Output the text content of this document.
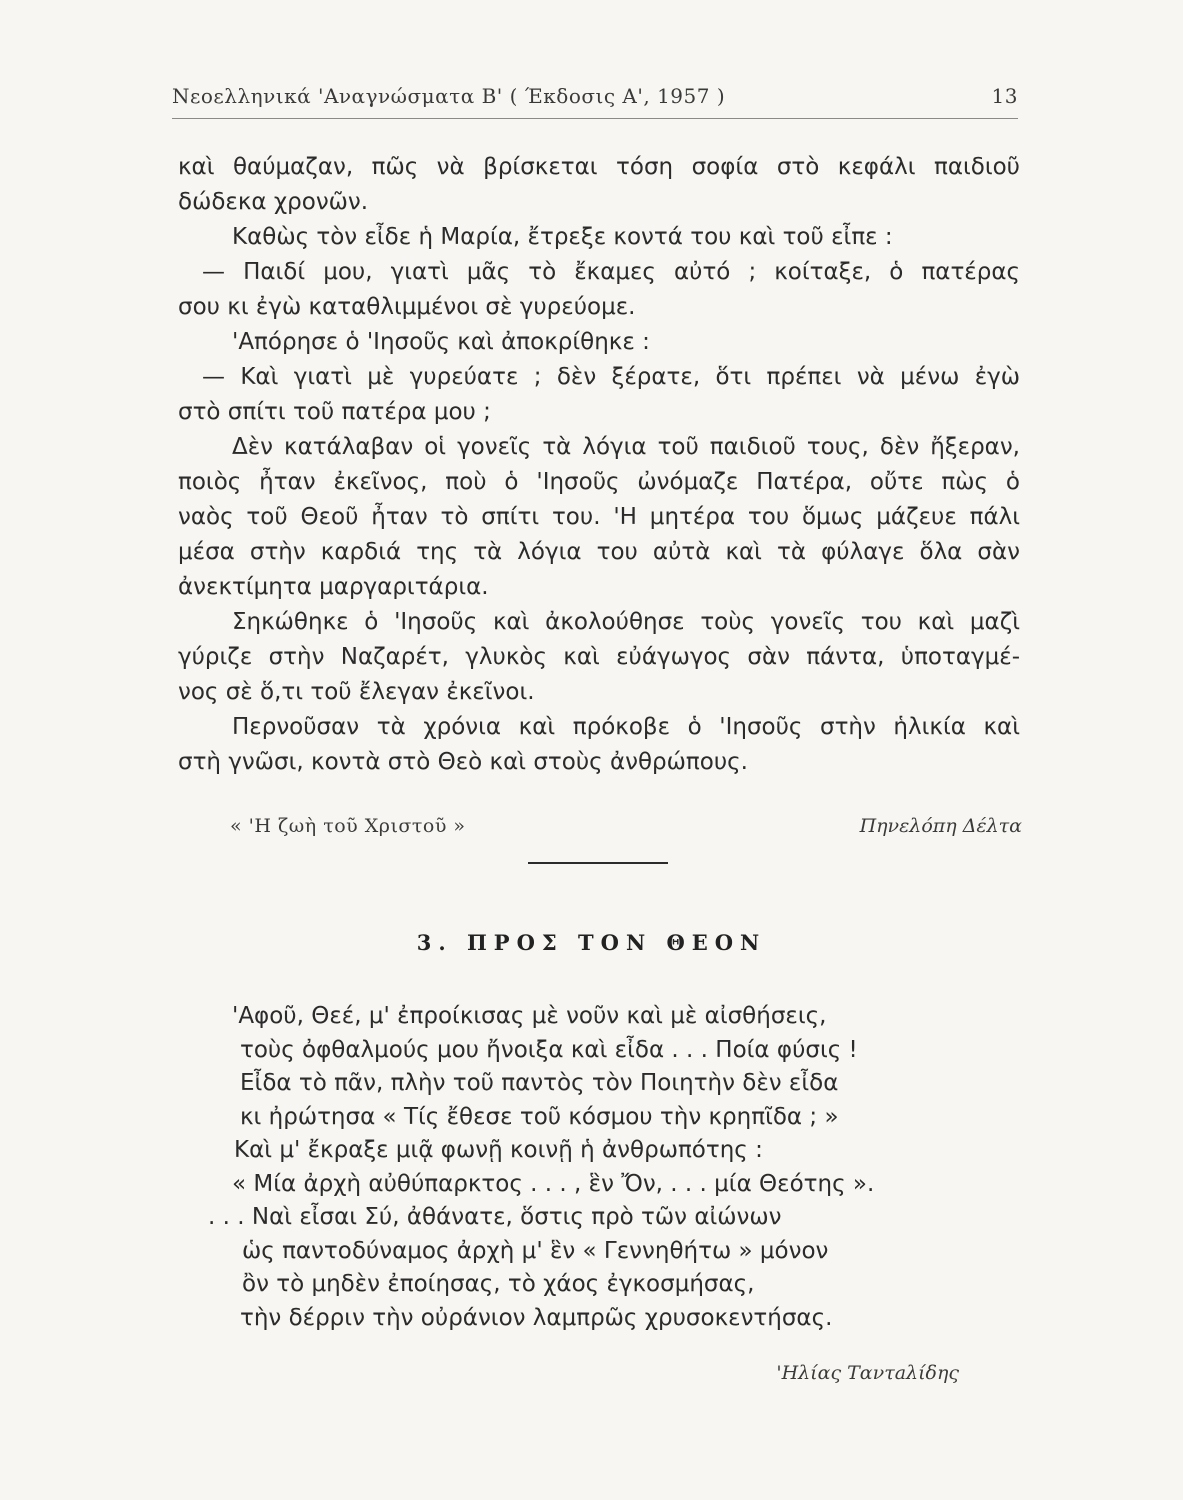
Νεοελληνικά 'Αναγνώσματα Β' ( Έκδοσις Α', 1957 )	13
καὶ θαύμαζαν, πῶς νὰ βρίσκεται τόση σοφία στὸ κεφάλι παιδιοῦ
δώδεκα χρονῶν.
Καθὼς τὸν εἶδε ἡ Μαρία, ἔτρεξε κοντά του καὶ τοῦ εἶπε :
— Παιδί μου, γιατὶ μᾶς τὸ ἔκαμες αὐτό ; κοίταξε, ὁ πατέρας
σου κι ἐγὼ καταθλιμμένοι σὲ γυρεύομε.
'Απόρησε ὁ 'Ιησοῦς καὶ ἀποκρίθηκε :
— Καὶ γιατὶ μὲ γυρεύατε ; δὲν ξέρατε, ὅτι πρέπει νὰ μένω ἐγὼ
στὸ σπίτι τοῦ πατέρα μου ;
Δὲν κατάλαβαν οἱ γονεῖς τὰ λόγια τοῦ παιδιοῦ τους, δὲν ἤξεραν,
ποιὸς ἦταν ἐκεῖνος, ποὺ ὁ 'Ιησοῦς ὠνόμαζε Πατέρα, οὔτε πὼς ὁ
ναὸς τοῦ Θεοῦ ἦταν τὸ σπίτι του. 'Η μητέρα του ὅμως μάζευε πάλι
μέσα στὴν καρδιά της τὰ λόγια του αὐτὰ καὶ τὰ φύλαγε ὅλα σὰν
ἀνεκτίμητα μαργαριτάρια.
Σηκώθηκε ὁ 'Ιησοῦς καὶ ἀκολούθησε τοὺς γονεῖς του καὶ μαζὶ
γύριζε στὴν Ναζαρέτ, γλυκὸς καὶ εὐάγωγος σὰν πάντα, ὑποταγμέ-
νος σὲ ὅ,τι τοῦ ἔλεγαν ἐκεῖνοι.
Περνοῦσαν τὰ χρόνια καὶ πρόκοβε ὁ 'Ιησοῦς στὴν ἡλικία καὶ
στὴ γνῶσι, κοντὰ στὸ Θεὸ καὶ στοὺς ἀνθρώπους.
« 'Η ζωὴ τοῦ Χριστοῦ »	Πηνελόπη Δέλτα
3. ΠΡΟΣ ΤΟΝ ΘΕΟΝ
'Αφοῦ, Θεέ, μ' ἐπροίκισας μὲ νοῦν καὶ μὲ αἰσθήσεις,
τοὺς ὀφθαλμούς μου ἤνοιξα καὶ εἶδα . . . Ποία φύσις !
Εἶδα τὸ πᾶν, πλὴν τοῦ παντὸς τὸν Ποιητὴν δὲν εἶδα
κι ἠρώτησα « Τίς ἔθεσε τοῦ κόσμου τὴν κρηπῖδα ; »
Καὶ μ' ἔκραξε μιᾷ φωνῇ κοινῇ ἡ ἀνθρωπότης :
« Μία ἀρχὴ αὐθύπαρκτος . . . , ἓν Ὄν, . . . μία Θεότης ».
. . . Ναὶ εἶσαι Σύ, ἀθάνατε, ὅστις πρὸ τῶν αἰώνων
ὡς παντοδύναμος ἀρχὴ μ' ἓν « Γεννηθήτω » μόνον
ὂν τὸ μηδὲν ἐποίησας, τὸ χάος ἐγκοσμήσας,
τὴν δέρριν τὴν οὐράνιον λαμπρῶς χρυσοκεντήσας.
'Ηλίας Ταντaλίδης
